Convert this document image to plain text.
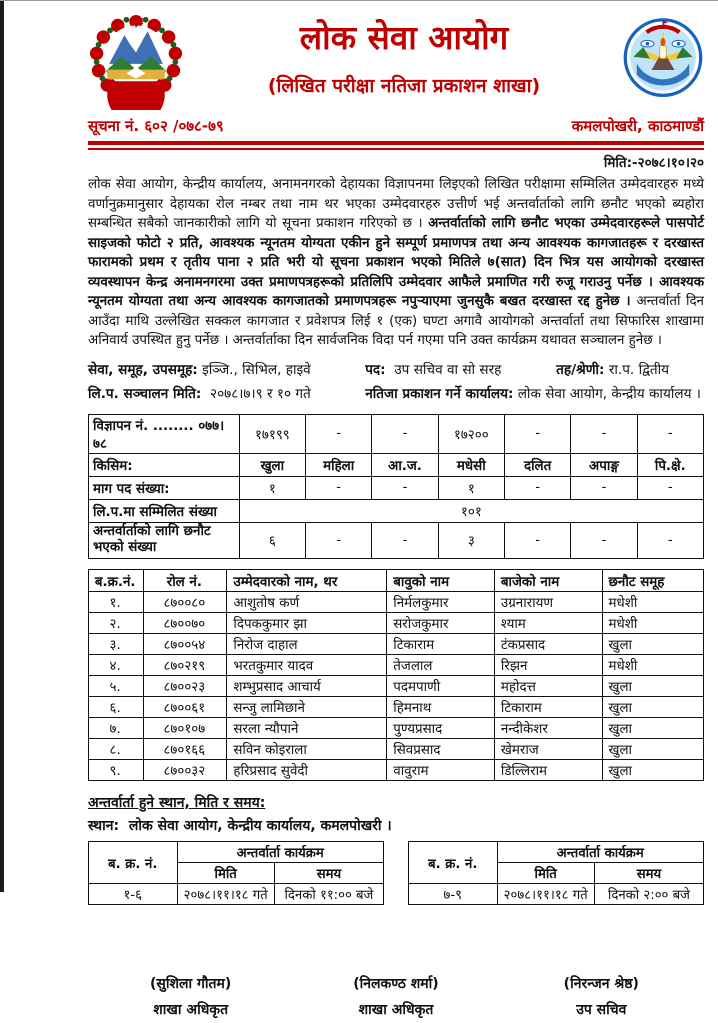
लोक सेवा आयोग
(लिखित परीक्षा नतिजा प्रकाशन शाखा)
सूचना नं. ६०२ /०७८-७९	कमलपोखरी, काठमाण्डौं
मिति:-२०७८।१०।२०

लोक सेवा आयोग, केन्द्रीय कार्यालय, अनामनगरको देहायका विज्ञापनमा लिइएको लिखित परीक्षामा सम्मिलित उम्मेदवारहरु मध्ये वर्णानुक्रमानुसार देहायका रोल नम्बर तथा नाम थर भएका उम्मेदवारहरु उत्तीर्ण भई अन्तर्वार्ताको लागि छनौट भएको ब्यहोरा सम्बन्धित सबैको जानकारीको लागि यो सूचना प्रकाशन गरिएको छ । अन्तर्वार्ताको लागि छनौट भएका उम्मेदवारहरूले पासपोर्ट साइजको फोटो २ प्रति, आवश्यक न्यूनतम योग्यता एकीन हुने सम्पूर्ण प्रमाणपत्र तथा अन्य आवश्यक कागजातहरू र दरखास्त फारामको प्रथम र तृतीय पाना २ प्रति भरी यो सूचना प्रकाशन भएको मितिले ७(सात) दिन भित्र यस आयोगको दरखास्त व्यवस्थापन केन्द्र अनामनगरमा उक्त प्रमाणपत्रहरूको प्रतिलिपि उम्मेदवार आफैले प्रमाणित गरी रुजू गराउनु पर्नेछ । आवश्यक न्यूनतम योग्यता तथा अन्य आवश्यक कागजातको प्रमाणपत्रहरू नपुऱ्याएमा जुनसुकै बखत दरखास्त रद्द हुनेछ । अन्तर्वार्ता दिन आउँदा माथि उल्लेखित सक्कल कागजात र प्रवेशपत्र लिई १ (एक) घण्टा अगावै आयोगको अन्तर्वार्ता तथा सिफारिस शाखामा अनिवार्य उपस्थित हुनु पर्नेछ । अन्तर्वार्ताका दिन सार्वजनिक विदा पर्न गएमा पनि उक्त कार्यक्रम यथावत सञ्चालन हुनेछ ।

सेवा, समूह, उपसमूह: इञ्जि., सिभिल, हाइवे	पद: उप सचिव वा सो सरह	तह/श्रेणी: रा.प. द्वितीय
लि.प. सञ्चालन मिति: २०७८।७।९ र १० गते	नतिजा प्रकाशन गर्ने कार्यालय: लोक सेवा आयोग, केन्द्रीय कार्यालय ।
विज्ञापन नं. ........ ०७७।७८	१७१९९	-	-	१७२००	-	-	-
किसिम:	खुला	महिला	आ.ज.	मधेसी	दलित	अपाङ्ग	पि.क्षे.
माग पद संख्या:	१	-	-	१	-	-	-
लि.प.मा सम्मिलित संख्या	१०१						
अन्तर्वार्ताको लागि छनौट भएको संख्या	६	-	-	३	-	-	-
ब.क्र.नं.	रोल नं.	उम्मेदवारको नाम, थर	बावुको नाम	बाजेको नाम	छनौट समूह
१.	८७००८०	आशुतोष कर्ण	निर्मलकुमार	उग्रनारायण	मधेशी
२.	८७००७०	दिपककुमार झा	सरोजकुमार	श्याम	मधेशी
३.	८७००५४	निरोज दाहाल	टिकाराम	टंकप्रसाद	खुला
४.	८७०२१९	भरतकुमार यादव	तेजलाल	रिझन	मधेशी
५.	८७००२३	शम्भुप्रसाद आचार्य	पदमपाणी	महोदत्त	खुला
६.	८७००६१	सन्जु लामिछाने	हिमनाथ	टिकाराम	खुला
७.	८७०१०७	सरला न्यौपाने	पुण्यप्रसाद	नन्दीकेशर	खुला
८.	८७०१६६	सविन कोइराला	सिवप्रसाद	खेमराज	खुला
९.	८७००३२	हरिप्रसाद सुवेदी	वावुराम	डिल्लिराम	खुला
अन्तर्वार्ता हुने स्थान, मिति र समय:
स्थान: लोक सेवा आयोग, केन्द्रीय कार्यालय, कमलपोखरी ।
ब. क्र. नं.	अन्तर्वार्ता कार्यक्रम	
	मिति	समय
१-६	२०७८।११।१८ गते	दिनको ११:०० बजे
ब. क्र. नं.	अन्तर्वार्ता कार्यक्रम	
	मिति	समय
७-९	२०७८।११।१८ गते	दिनको २:०० बजे
(सुशिला गौतम)
शाखा अधिकृत
(निलकण्ठ शर्मा)
शाखा अधिकृत
(निरन्जन श्रेष्ठ)
उप सचिव
